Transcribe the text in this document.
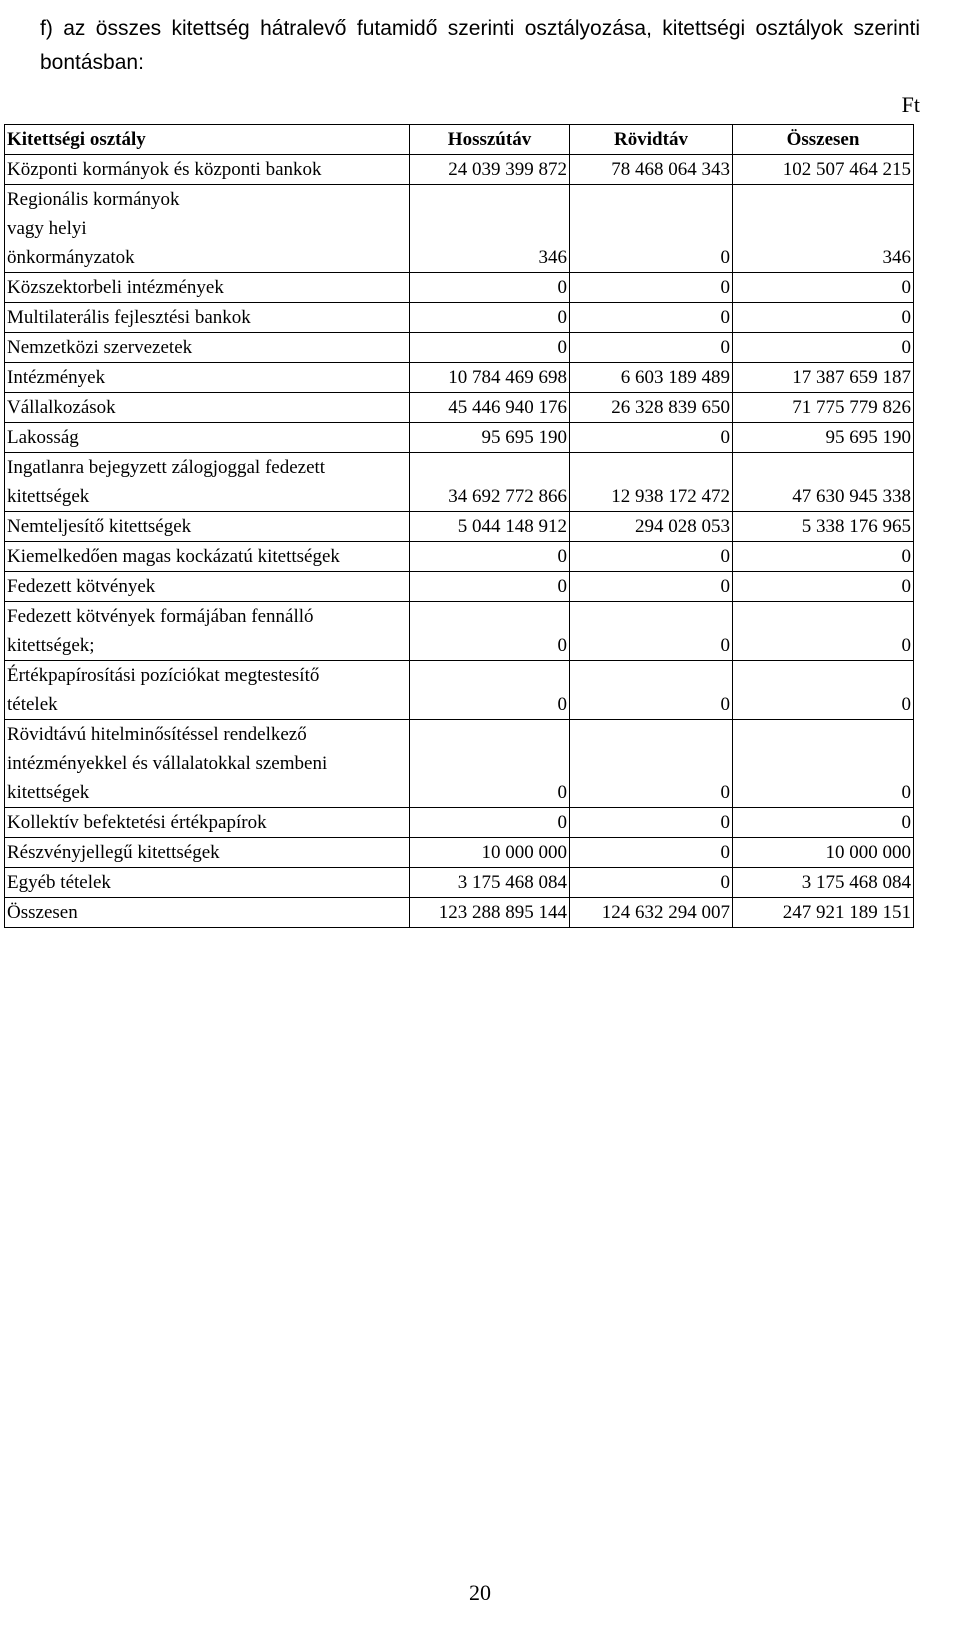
f) az összes kitettség hátralevő futamidő szerinti osztályozása, kitettségi osztályok szerinti bontásban:

Ft
Kitettségi osztály	Hosszútáv	Rövidtáv	Összesen
Központi kormányok és központi bankok	24 039 399 872	78 468 064 343	102 507 464 215

Regionális kormányok vagy helyi önkormányzatok	346	0	346
Közszektorbeli intézmények	0	0	0
Multilaterális fejlesztési bankok	0	0	0
Nemzetközi szervezetek	0	0	0
Intézmények	10 784 469 698	6 603 189 489	17 387 659 187
Vállalkozások	45 446 940 176	26 328 839 650	71 775 779 826
Lakosság	95 695 190	0	95 695 190

Ingatlanra bejegyzett zálogjoggal fedezett kitettségek	34 692 772 866	12 938 172 472	47 630 945 338
Nemteljesítő kitettségek	5 044 148 912	294 028 053	5 338 176 965
Kiemelkedően magas kockázatú kitettségek	0	0	0
Fedezett kötvények	0	0	0

Fedezett kötvények formájában fennálló kitettségek;	0	0	0

Értékpapírosítási pozíciókat megtestesítő tételek	0	0	0

Rövidtávú hitelminősítéssel rendelkező intézményekkel és vállalatokkal szembeni kitettségek	0	0	0
Kollektív befektetési értékpapírok	0	0	0
Részvényjellegű kitettségek	10 000 000	0	10 000 000
Egyéb tételek	3 175 468 084	0	3 175 468 084
Összesen	123 288 895 144	124 632 294 007	247 921 189 151
20
